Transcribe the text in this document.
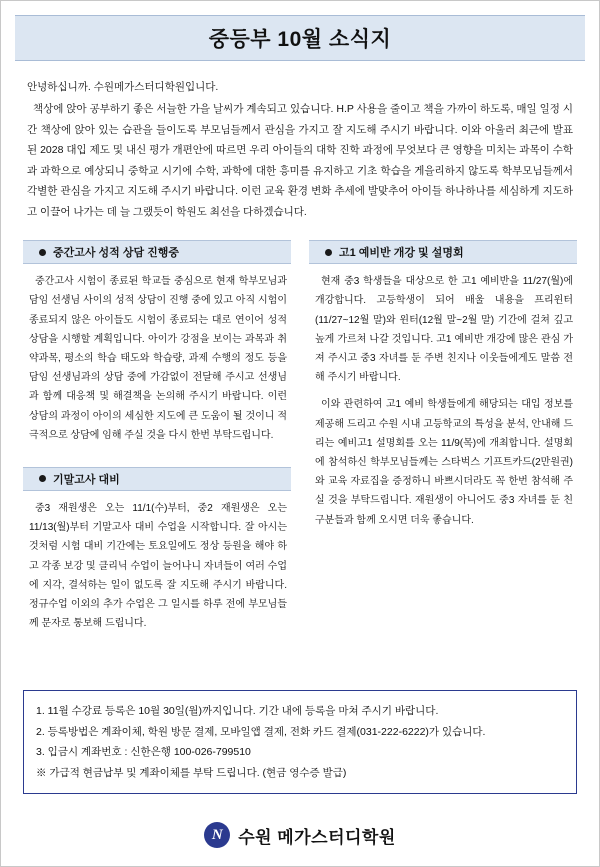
중등부 10월 소식지

안녕하십니까. 수원메가스터디학원입니다.

책상에 앉아 공부하기 좋은 서늘한 가을 날씨가 계속되고 있습니다. H.P 사용을 줄이고 책을 가까이 하도록, 매일 일정 시간 책상에 앉아 있는 습관을 들이도록 부모님들께서 관심을 가지고 잘 지도해 주시기 바랍니다. 이와 아울러 최근에 발표된 2028 대입 제도 및 내신 평가 개편안에 따르면 우리 아이들의 대학 진학 과정에 무엇보다 큰 영향을 미치는 과목이 수학과 과학으로 예상되니 중학교 시기에 수학, 과학에 대한 흥미를 유지하고 기초 학습을 게을리하지 않도록 학부모님들께서 각별한 관심을 가지고 지도해 주시기 바랍니다. 이런 교육 환경 변화 추세에 발맞추어 아이들 하나하나를 세심하게 지도하고 이끌어 나가는 데 늘 그랬듯이 학원도 최선을 다하겠습니다.

중간고사 성적 상담 진행중

중간고사 시험이 종료된 학교들 중심으로 현재 학부모님과 담임 선생님 사이의 성적 상담이 진행 중에 있고 아직 시험이 종료되지 않은 아이들도 시험이 종료되는 대로 연이어 성적 상담을 시행할 계획입니다. 아이가 강점을 보이는 과목과 취약과목, 평소의 학습 태도와 학습량, 과제 수행의 정도 등을 담임 선생님과의 상담 중에 가감없이 전달해 주시고 선생님과 함께 대응책 및 해결책을 논의해 주시기 바랍니다. 이런 상담의 과정이 아이의 세심한 지도에 큰 도움이 될 것이니 적극적으로 상담에 임해 주실 것을 다시 한번 부탁드립니다.

기말고사 대비

중3 재원생은 오는 11/1(수)부터, 중2 재원생은 오는 11/13(월)부터 기말고사 대비 수업을 시작합니다. 잘 아시는 것처럼 시험 대비 기간에는 토요일에도 정상 등원을 해야 하고 각종 보강 및 클리닉 수업이 늘어나니 자녀들이 여러 수업에 지각, 결석하는 일이 없도록 잘 지도해 주시기 바랍니다. 정규수업 이외의 추가 수업은 그 일시를 하루 전에 부모님들께 문자로 통보해 드립니다.

고1 예비반 개강 및 설명회

현재 중3 학생들을 대상으로 한 고1 예비반을 11/27(월)에 개강합니다. 고등학생이 되어 배울 내용을 프리윈터(11/27~12월 말)와 윈터(12월 말~2월 말) 기간에 걸쳐 깊고 높게 가르쳐 나갈 것입니다. 고1 예비반 개강에 많은 관심 가져 주시고 중3 자녀를 둔 주변 친지나 이웃들에게도 말씀 전해 주시기 바랍니다.

이와 관련하여 고1 예비 학생들에게 해당되는 대입 정보를 제공해 드리고 수원 시내 고등학교의 특성을 분석, 안내해 드리는 예비고1 설명회를 오는 11/9(목)에 개최합니다. 설명회에 참석하신 학부모님들께는 스타벅스 기프트카드(2만원권)와 교육 자료집을 증정하니 바쁘시더라도 꼭 한번 참석해 주실 것을 부탁드립니다. 재원생이 아니어도 중3 자녀를 둔 친구분들과 함께 오시면 더욱 좋습니다.

1. 11월 수강료 등록은 10월 30일(월)까지입니다. 기간 내에 등록을 마쳐 주시기 바랍니다.
2. 등록방법은 계좌이체, 학원 방문 결제, 모바일앱 결제, 전화 카드 결제(031-222-6222)가 있습니다.
3. 입금시 계좌번호 : 신한은행 100-026-799510
※ 가급적 현금납부 및 계좌이체를 부탁 드립니다. (현금 영수증 발급)
N 수원 메가스터디학원
